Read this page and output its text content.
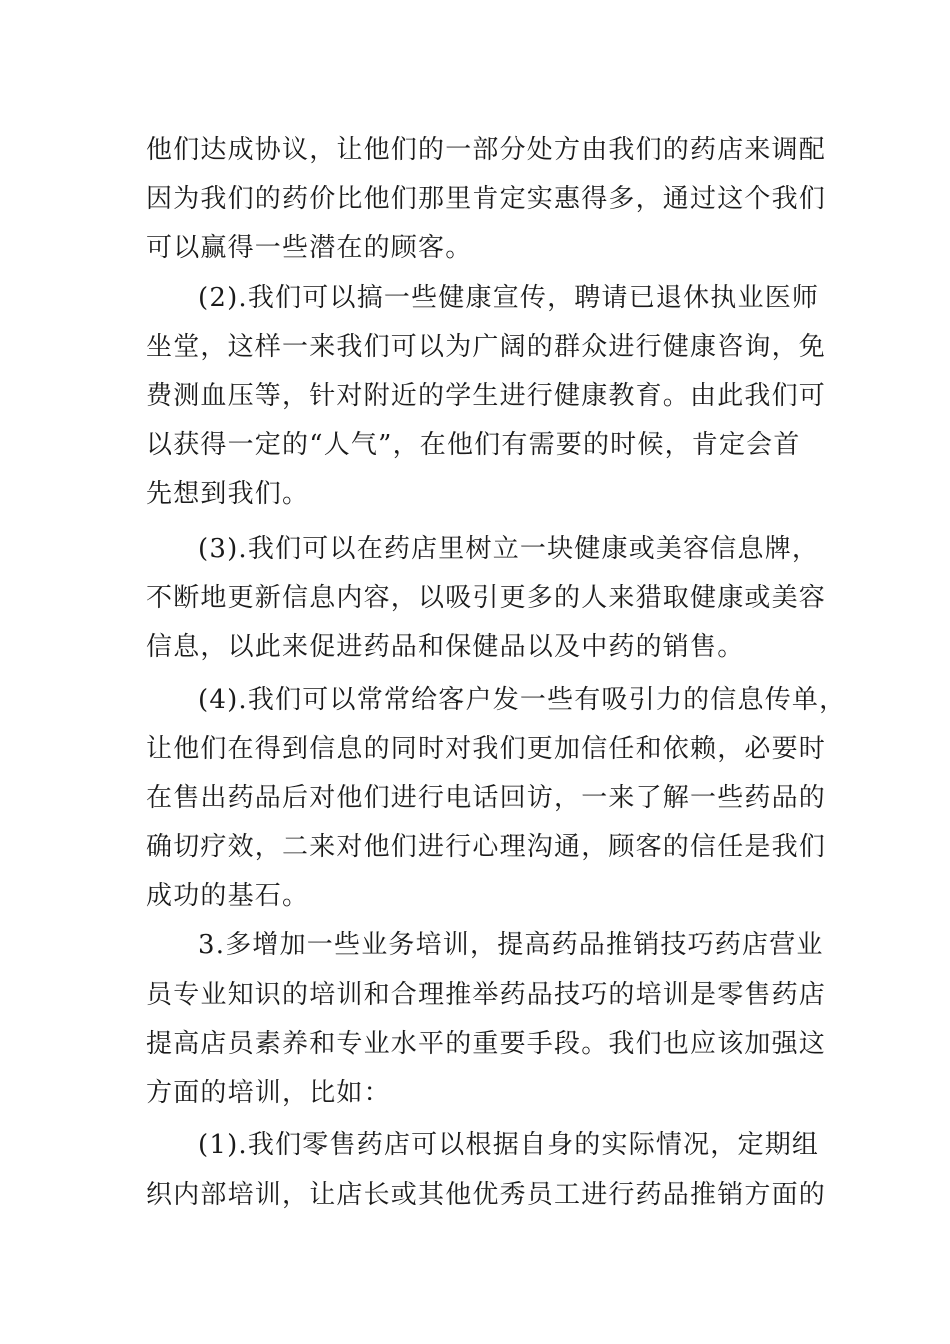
他们达成协议，让他们的一部分处方由我们的药店来调配
因为我们的药价比他们那里肯定实惠得多，通过这个我们
可以赢得一些潜在的顾客。
(2).我们可以搞一些健康宣传，聘请已退休执业医师
坐堂，这样一来我们可以为广阔的群众进行健康咨询，免
费测血压等，针对附近的学生进行健康教育。由此我们可
以获得一定的“人气”，在他们有需要的时候，肯定会首
先想到我们。
(3).我们可以在药店里树立一块健康或美容信息牌，
不断地更新信息内容，以吸引更多的人来猎取健康或美容
信息，以此来促进药品和保健品以及中药的销售。
(4).我们可以常常给客户发一些有吸引力的信息传单，
让他们在得到信息的同时对我们更加信任和依赖，必要时
在售出药品后对他们进行电话回访，一来了解一些药品的
确切疗效，二来对他们进行心理沟通，顾客的信任是我们
成功的基石。
3.多增加一些业务培训，提高药品推销技巧药店营业
员专业知识的培训和合理推举药品技巧的培训是零售药店
提高店员素养和专业水平的重要手段。我们也应该加强这
方面的培训，比如：
(1).我们零售药店可以根据自身的实际情况，定期组
织内部培训，让店长或其他优秀员工进行药品推销方面的
